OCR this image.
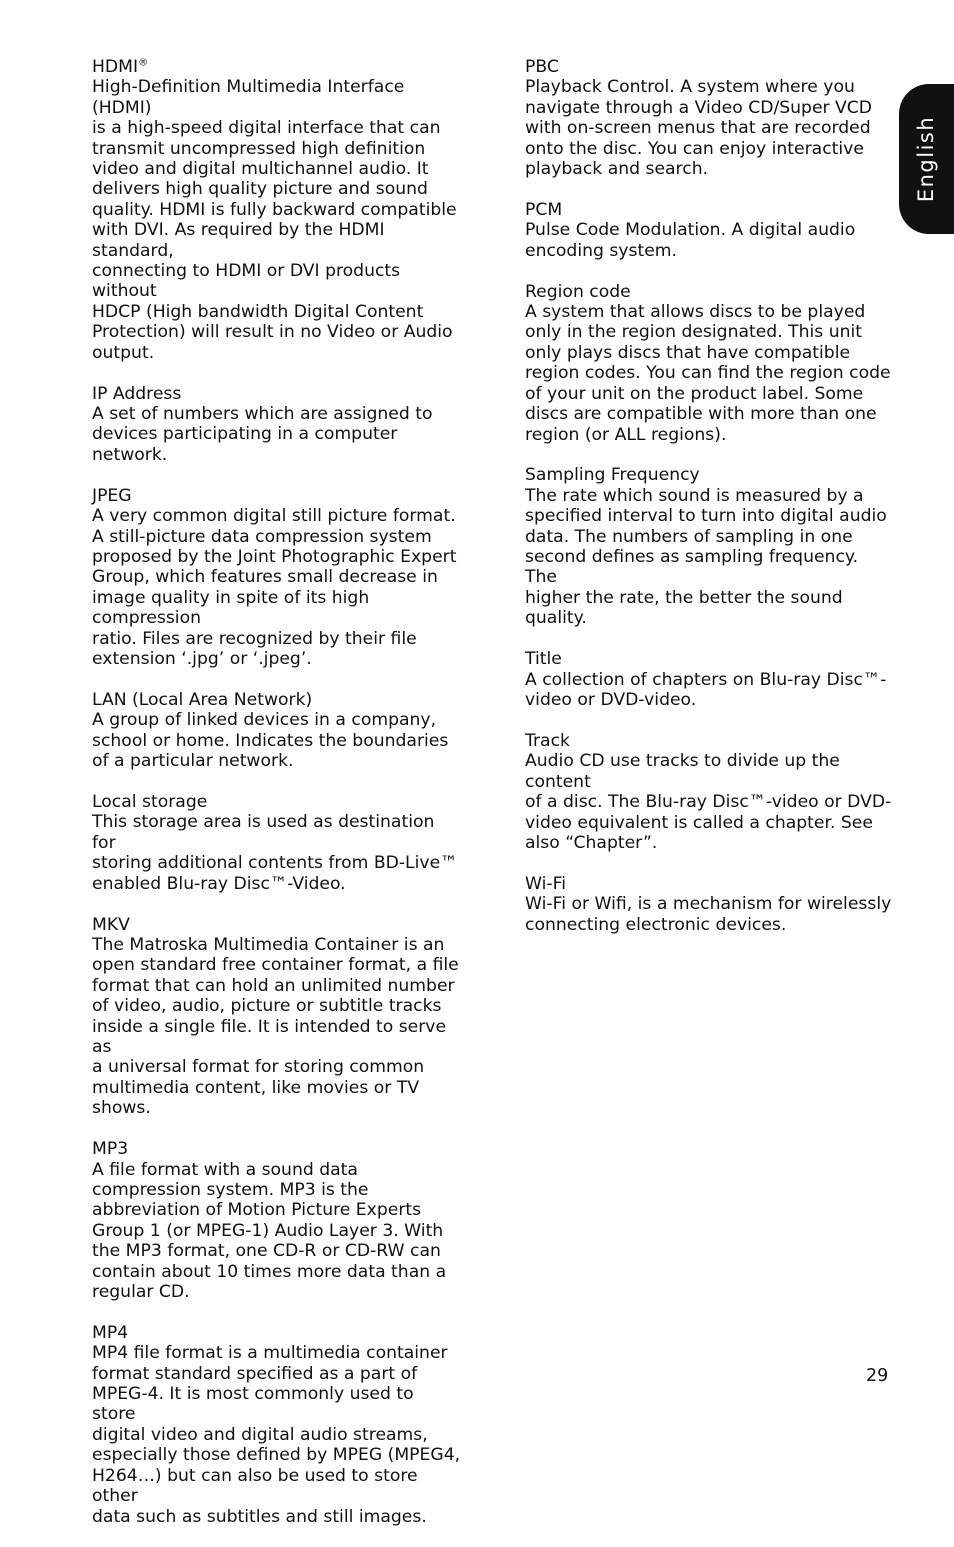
HDMI®

High-Definition Multimedia Interface (HDMI)
is a high-speed digital interface that can
transmit uncompressed high definition
video and digital multichannel audio. It
delivers high quality picture and sound
quality. HDMI is fully backward compatible
with DVI. As required by the HDMI standard,
connecting to HDMI or DVI products without
HDCP (High bandwidth Digital Content
Protection) will result in no Video or Audio
output.

IP Address

A set of numbers which are assigned to
devices participating in a computer
network.

JPEG

A very common digital still picture format.
A still-picture data compression system
proposed by the Joint Photographic Expert
Group, which features small decrease in
image quality in spite of its high compression
ratio. Files are recognized by their file
extension ‘.jpg’ or ‘.jpeg’.

LAN (Local Area Network)

A group of linked devices in a company,
school or home. Indicates the boundaries
of a particular network.

Local storage

This storage area is used as destination for
storing additional contents from BD-Live™
enabled Blu-ray Disc™-Video.

MKV

The Matroska Multimedia Container is an
open standard free container format, a file
format that can hold an unlimited number
of video, audio, picture or subtitle tracks
inside a single file. It is intended to serve as
a universal format for storing common
multimedia content, like movies or TV
shows.

MP3

A file format with a sound data
compression system. MP3 is the
abbreviation of Motion Picture Experts
Group 1 (or MPEG-1) Audio Layer 3. With
the MP3 format, one CD-R or CD-RW can
contain about 10 times more data than a
regular CD.

MP4

MP4 file format is a multimedia container
format standard specified as a part of
MPEG-4. It is most commonly used to store
digital video and digital audio streams,
especially those defined by MPEG (MPEG4,
H264…) but can also be used to store other
data such as subtitles and still images.

PBC

Playback Control. A system where you
navigate through a Video CD/Super VCD
with on-screen menus that are recorded
onto the disc. You can enjoy interactive
playback and search.

PCM

Pulse Code Modulation. A digital audio
encoding system.

Region code

A system that allows discs to be played
only in the region designated. This unit
only plays discs that have compatible
region codes. You can find the region code
of your unit on the product label. Some
discs are compatible with more than one
region (or ALL regions).

Sampling Frequency

The rate which sound is measured by a
specified interval to turn into digital audio
data. The numbers of sampling in one
second defines as sampling frequency. The
higher the rate, the better the sound
quality.

Title

A collection of chapters on Blu-ray Disc™-
video or DVD-video.

Track

Audio CD use tracks to divide up the content
of a disc. The Blu-ray Disc™-video or DVD-
video equivalent is called a chapter. See
also “Chapter”.

Wi-Fi

Wi-Fi or Wifi, is a mechanism for wirelessly
connecting electronic devices.

English
29
